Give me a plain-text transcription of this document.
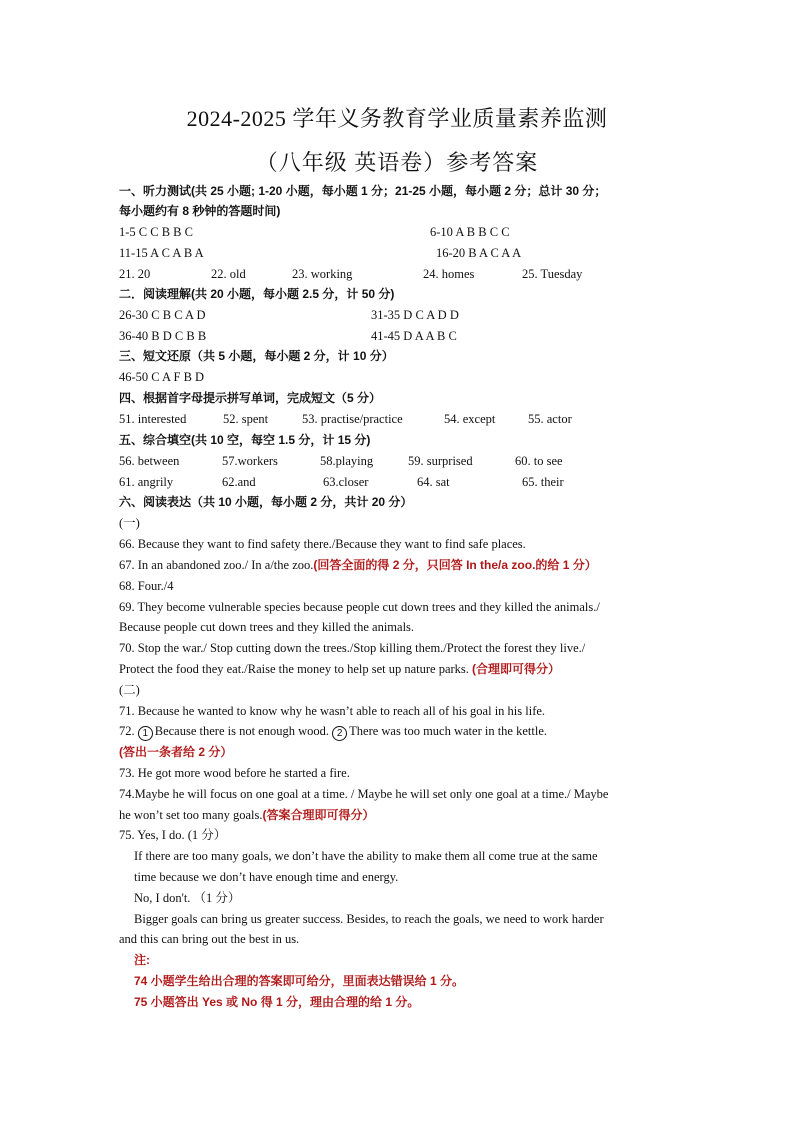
2024-2025 学年义务教育学业质量素养监测
（八年级 英语卷）参考答案
一、听力测试(共 25 小题; 1-20 小题，每小题 1 分；21-25 小题，每小题 2 分；总计 30 分；
每小题约有 8 秒钟的答题时间)
1-5 C C B B C	6-10 A B B C C
11-15 A C A B A	16-20 B A C A A
21. 20	22. old	23. working	24. homes	25. Tuesday
二．阅读理解(共 20 小题，每小题 2.5 分，计 50 分)
26-30 C B C A D	31-35 D C A D D
36-40 B D C B B	41-45 D A A B C
三、短文还原（共 5 小题，每小题 2 分，计 10 分）
46-50 C A F B D
四、根据首字母提示拼写单词，完成短文（5 分）
51. interested	52. spent	53. practise/practice	54. except	55. actor
五、综合填空(共 10 空，每空 1.5 分，计 15 分)
56. between	57.workers	58.playing	59. surprised	60. to see
61. angrily	62.and	63.closer	64. sat	65. their
六、阅读表达（共 10 小题，每小题 2 分，共计 20 分）
(一)
66. Because they want to find safety there./Because they want to find safe places.
67. In an abandoned zoo./ In a/the zoo.(回答全面的得 2 分，只回答 In the/a zoo.的给 1 分）
68. Four./4
69. They become vulnerable species because people cut down trees and they killed the animals./
Because people cut down trees and they killed the animals.
70. Stop the war./ Stop cutting down the trees./Stop killing them./Protect the forest they live./
Protect the food they eat./Raise the money to help set up nature parks. (合理即可得分）
(二)
71. Because he wanted to know why he wasn’t able to reach all of his goal in his life.
72. 1 Because there is not enough wood. 2 There was too much water in the kettle.
(答出一条者给 2 分）
73. He got more wood before he started a fire.
74.Maybe he will focus on one goal at a time. / Maybe he will set only one goal at a time./ Maybe
he won’t set too many goals.(答案合理即可得分）
75. Yes, I do. (1 分）
If there are too many goals, we don’t have the ability to make them all come true at the same
time because we don’t have enough time and energy.
No, I don't. （1 分）
Bigger goals can bring us greater success. Besides, to reach the goals, we need to work harder
and this can bring out the best in us.
注:
74 小题学生给出合理的答案即可给分，里面表达错误给 1 分。
75 小题答出 Yes 或 No 得 1 分，理由合理的给 1 分。
